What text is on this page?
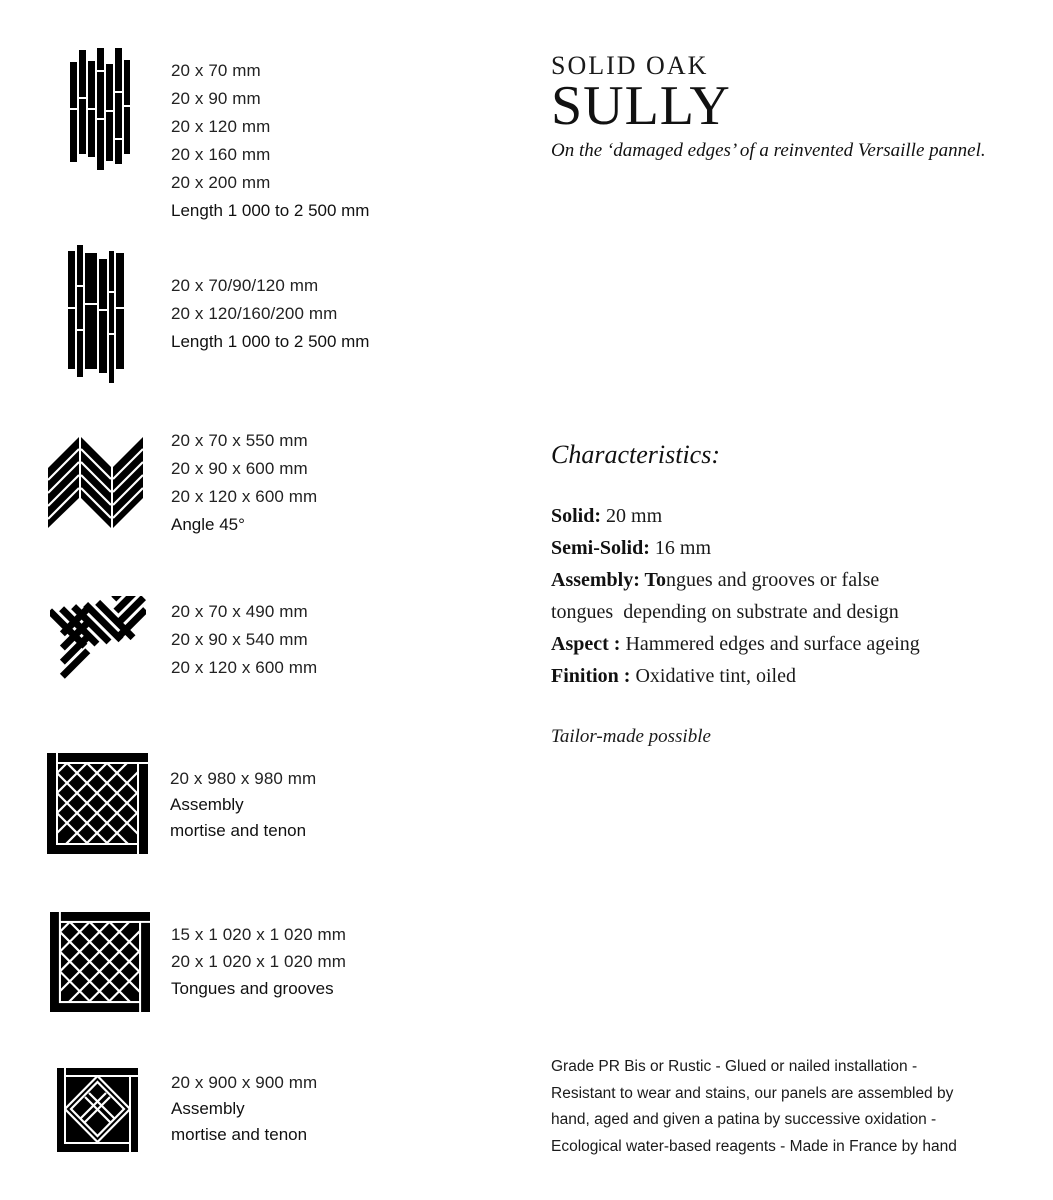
20 x 70 mm
20 x 90 mm
20 x 120 mm
20 x 160 mm
20 x 200 mm
Length 1 000 to 2 500 mm
20 x 70/90/120 mm
20 x 120/160/200 mm
Length 1 000 to 2 500 mm
20 x 70 x 550 mm
20 x 90 x 600 mm
20 x 120 x 600 mm
Angle 45°
20 x 70 x 490 mm
20 x 90 x 540 mm
20 x 120 x 600 mm
20 x 980 x 980 mm
Assembly
mortise and tenon
15 x 1 020 x 1 020 mm
20 x 1 020 x 1 020 mm
Tongues and grooves
20 x 900 x 900 mm
Assembly
mortise and tenon
SOLID OAK
SULLY
On the ‘damaged edges’ of a reinvented Versaille pannel.
Characteristics:
Solid: 20 mm
Semi-Solid: 16 mm
Assembly: Tongues and grooves or false
tongues  depending on substrate and design
Aspect : Hammered edges and surface ageing
Finition : Oxidative tint, oiled
Tailor-made possible
Grade PR Bis or Rustic - Glued or nailed installation -
Resistant to wear and stains, our panels are assembled by
hand, aged and given a patina by successive oxidation -
Ecological water-based reagents - Made in France by hand
